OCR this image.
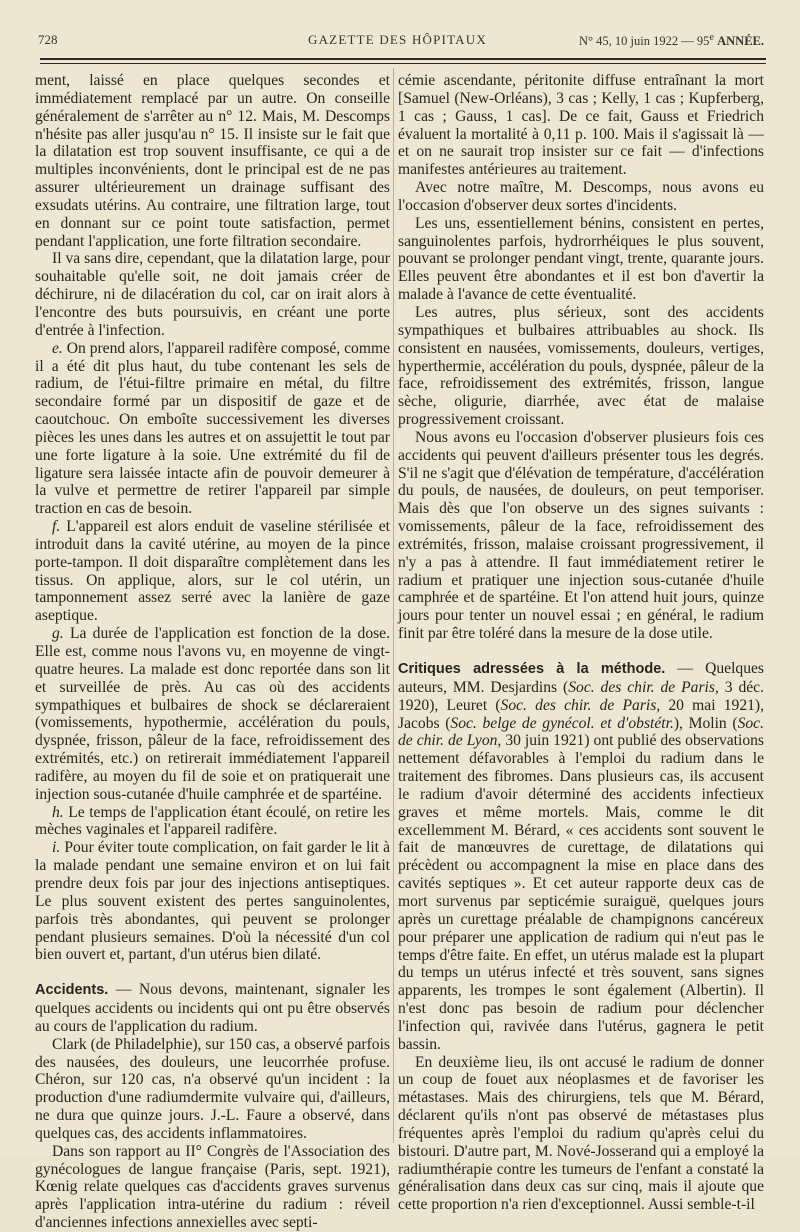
728	GAZETTE DES HÔPITAUX	N° 45, 10 juin 1922 — 95e ANNÉE.

ment, laissé en place quelques secondes et immédiatement remplacé par un autre. On conseille généralement de s'arrêter au n° 12. Mais, M. Descomps n'hésite pas aller jusqu'au n° 15. Il insiste sur le fait que la dilatation est trop souvent insuffisante, ce qui a de multiples inconvénients, dont le principal est de ne pas assurer ultérieurement un drainage suffisant des exsudats utérins. Au contraire, une filtration large, tout en donnant sur ce point toute satisfaction, permet pendant l'application, une forte filtration secondaire.

Il va sans dire, cependant, que la dilatation large, pour souhaitable qu'elle soit, ne doit jamais créer de déchirure, ni de dilacération du col, car on irait alors à l'encontre des buts poursuivis, en créant une porte d'entrée à l'infection.

e. On prend alors, l'appareil radifère composé, comme il a été dit plus haut, du tube contenant les sels de radium, de l'étui-filtre primaire en métal, du filtre secondaire formé par un dispositif de gaze et de caoutchouc. On emboîte successivement les diverses pièces les unes dans les autres et on assujettit le tout par une forte ligature à la soie. Une extrémité du fil de ligature sera laissée intacte afin de pouvoir demeurer à la vulve et permettre de retirer l'appareil par simple traction en cas de besoin.

f. L'appareil est alors enduit de vaseline stérilisée et introduit dans la cavité utérine, au moyen de la pince porte-tampon. Il doit disparaître complètement dans les tissus. On applique, alors, sur le col utérin, un tamponnement assez serré avec la lanière de gaze aseptique.

g. La durée de l'application est fonction de la dose. Elle est, comme nous l'avons vu, en moyenne de vingt-quatre heures. La malade est donc reportée dans son lit et surveillée de près. Au cas où des accidents sympathiques et bulbaires de shock se déclareraient (vomissements, hypothermie, accélération du pouls, dyspnée, frisson, pâleur de la face, refroidissement des extrémités, etc.) on retirerait immédiatement l'appareil radifère, au moyen du fil de soie et on pratiquerait une injection sous-cutanée d'huile camphrée et de spartéine.

h. Le temps de l'application étant écoulé, on retire les mèches vaginales et l'appareil radifère.

i. Pour éviter toute complication, on fait garder le lit à la malade pendant une semaine environ et on lui fait prendre deux fois par jour des injections antiseptiques. Le plus souvent existent des pertes sanguinolentes, parfois très abondantes, qui peuvent se prolonger pendant plusieurs semaines. D'où la nécessité d'un col bien ouvert et, partant, d'un utérus bien dilaté.

Accidents. — Nous devons, maintenant, signaler les quelques accidents ou incidents qui ont pu être observés au cours de l'application du radium.

Clark (de Philadelphie), sur 150 cas, a observé parfois des nausées, des douleurs, une leucorrhée profuse. Chéron, sur 120 cas, n'a observé qu'un incident : la production d'une radiumdermite vulvaire qui, d'ailleurs, ne dura que quinze jours. J.-L. Faure a observé, dans quelques cas, des accidents inflammatoires.

Dans son rapport au II° Congrès de l'Association des gynécologues de langue française (Paris, sept. 1921), Kœnig relate quelques cas d'accidents graves survenus après l'application intra-utérine du radium : réveil d'anciennes infections annexielles avec septi-

cémie ascendante, péritonite diffuse entraînant la mort [Samuel (New-Orléans), 3 cas ; Kelly, 1 cas ; Kupferberg, 1 cas ; Gauss, 1 cas]. De ce fait, Gauss et Friedrich évaluent la mortalité à 0,11 p. 100. Mais il s'agissait là — et on ne saurait trop insister sur ce fait — d'infections manifestes antérieures au traitement.

Avec notre maître, M. Descomps, nous avons eu l'occasion d'observer deux sortes d'incidents.

Les uns, essentiellement bénins, consistent en pertes, sanguinolentes parfois, hydrorrhéiques le plus souvent, pouvant se prolonger pendant vingt, trente, quarante jours. Elles peuvent être abondantes et il est bon d'avertir la malade à l'avance de cette éventualité.

Les autres, plus sérieux, sont des accidents sympathiques et bulbaires attribuables au shock. Ils consistent en nausées, vomissements, douleurs, vertiges, hyperthermie, accélération du pouls, dyspnée, pâleur de la face, refroidissement des extrémités, frisson, langue sèche, oligurie, diarrhée, avec état de malaise progressivement croissant.

Nous avons eu l'occasion d'observer plusieurs fois ces accidents qui peuvent d'ailleurs présenter tous les degrés. S'il ne s'agit que d'élévation de température, d'accélération du pouls, de nausées, de douleurs, on peut temporiser. Mais dès que l'on observe un des signes suivants : vomissements, pâleur de la face, refroidissement des extrémités, frisson, malaise croissant progressivement, il n'y a pas à attendre. Il faut immédiatement retirer le radium et pratiquer une injection sous-cutanée d'huile camphrée et de spartéine. Et l'on attend huit jours, quinze jours pour tenter un nouvel essai ; en général, le radium finit par être toléré dans la mesure de la dose utile.

Critiques adressées à la méthode. — Quelques auteurs, MM. Desjardins (Soc. des chir. de Paris, 3 déc. 1920), Leuret (Soc. des chir. de Paris, 20 mai 1921), Jacobs (Soc. belge de gynécol. et d'obstétr.), Molin (Soc. de chir. de Lyon, 30 juin 1921) ont publié des observations nettement défavorables à l'emploi du radium dans le traitement des fibromes. Dans plusieurs cas, ils accusent le radium d'avoir déterminé des accidents infectieux graves et même mortels. Mais, comme le dit excellemment M. Bérard, « ces accidents sont souvent le fait de manœuvres de curettage, de dilatations qui précèdent ou accompagnent la mise en place dans des cavités septiques ». Et cet auteur rapporte deux cas de mort survenus par septicémie suraiguë, quelques jours après un curettage préalable de champignons cancéreux pour préparer une application de radium qui n'eut pas le temps d'être faite. En effet, un utérus malade est la plupart du temps un utérus infecté et très souvent, sans signes apparents, les trompes le sont également (Albertin). Il n'est donc pas besoin de radium pour déclencher l'infection qui, ravivée dans l'utérus, gagnera le petit bassin.

En deuxième lieu, ils ont accusé le radium de donner un coup de fouet aux néoplasmes et de favoriser les métastases. Mais des chirurgiens, tels que M. Bérard, déclarent qu'ils n'ont pas observé de métastases plus fréquentes après l'emploi du radium qu'après celui du bistouri. D'autre part, M. Nové-Josserand qui a employé la radiumthérapie contre les tumeurs de l'enfant a constaté la généralisation dans deux cas sur cinq, mais il ajoute que cette proportion n'a rien d'exceptionnel. Aussi semble-t-il
